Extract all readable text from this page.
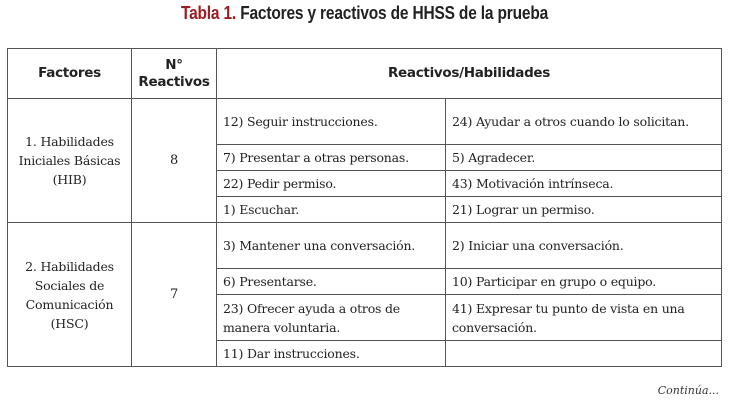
Tabla 1. Factores y reactivos de HHSS de la prueba
Factores	N° Reactivos	Reactivos/Habilidades	
1. Habilidades Iniciales Básicas (HIB)	8	12) Seguir instrucciones.	24) Ayudar a otros cuando lo solicitan.
		7) Presentar a otras personas.	5) Agradecer.
		22) Pedir permiso.	43) Motivación intrínseca.
		1) Escuchar.	21) Lograr un permiso.
2. Habilidades Sociales de Comunicación (HSC)	7	3) Mantener una conversación.	2) Iniciar una conversación.
		6) Presentarse.	10) Participar en grupo o equipo.
		23) Ofrecer ayuda a otros de manera voluntaria.	41) Expresar tu punto de vista en una conversación.
		11) Dar instrucciones.	
Continúa...
